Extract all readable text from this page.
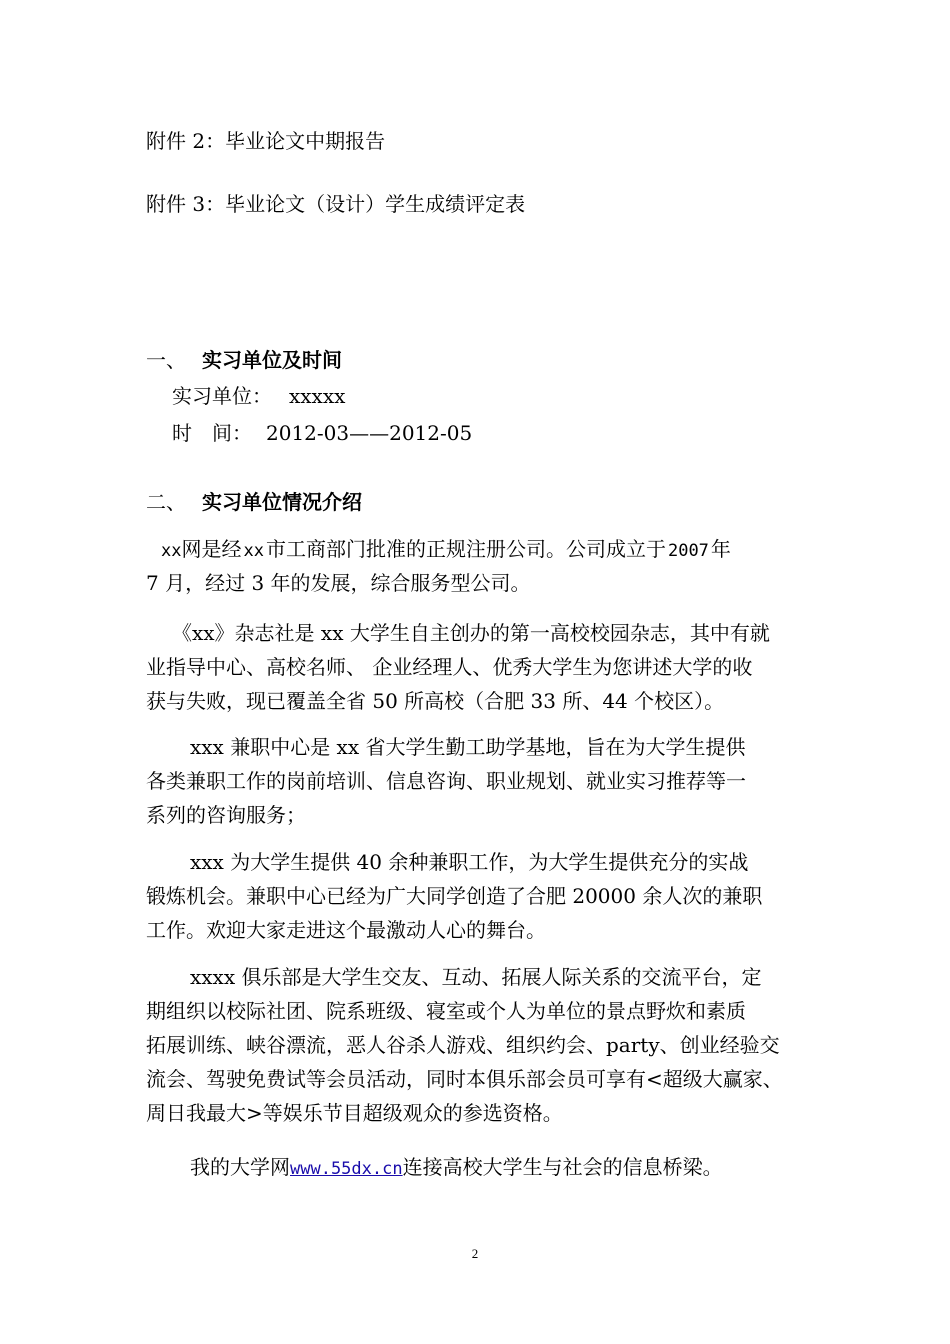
附件 2：毕业论文中期报告
附件 3：毕业论文（设计）学生成绩评定表
一、 实习单位及时间
实习单位： xxxxx
时　间： 2012-03——2012-05
二、 实习单位情况介绍
xx网是经 xx 市工商部门批准的正规注册公司。公司成立于 2007 年
7 月，经过 3 年的发展，综合服务型公司。
《xx》杂志社是 xx 大学生自主创办的第一高校校园杂志，其中有就
业指导中心、高校名师、 企业经理人、优秀大学生为您讲述大学的收
获与失败，现已覆盖全省 50 所高校（合肥 33 所、44 个校区）。
xxx 兼职中心是 xx 省大学生勤工助学基地，旨在为大学生提供
各类兼职工作的岗前培训、信息咨询、职业规划、就业实习推荐等一
系列的咨询服务；
xxx 为大学生提供 40 余种兼职工作，为大学生提供充分的实战
锻炼机会。兼职中心已经为广大同学创造了合肥 20000 余人次的兼职
工作。欢迎大家走进这个最激动人心的舞台。
xxxx 俱乐部是大学生交友、互动、拓展人际关系的交流平台，定
期组织以校际社团、院系班级、寝室或个人为单位的景点野炊和素质
拓展训练、峡谷漂流，恶人谷杀人游戏、组织约会、party、创业经验交
流会、驾驶免费试等会员活动，同时本俱乐部会员可享有<超级大赢家、
周日我最大>等娱乐节目超级观众的参选资格。
我的大学网www.55dx.cn连接高校大学生与社会的信息桥梁。
2
